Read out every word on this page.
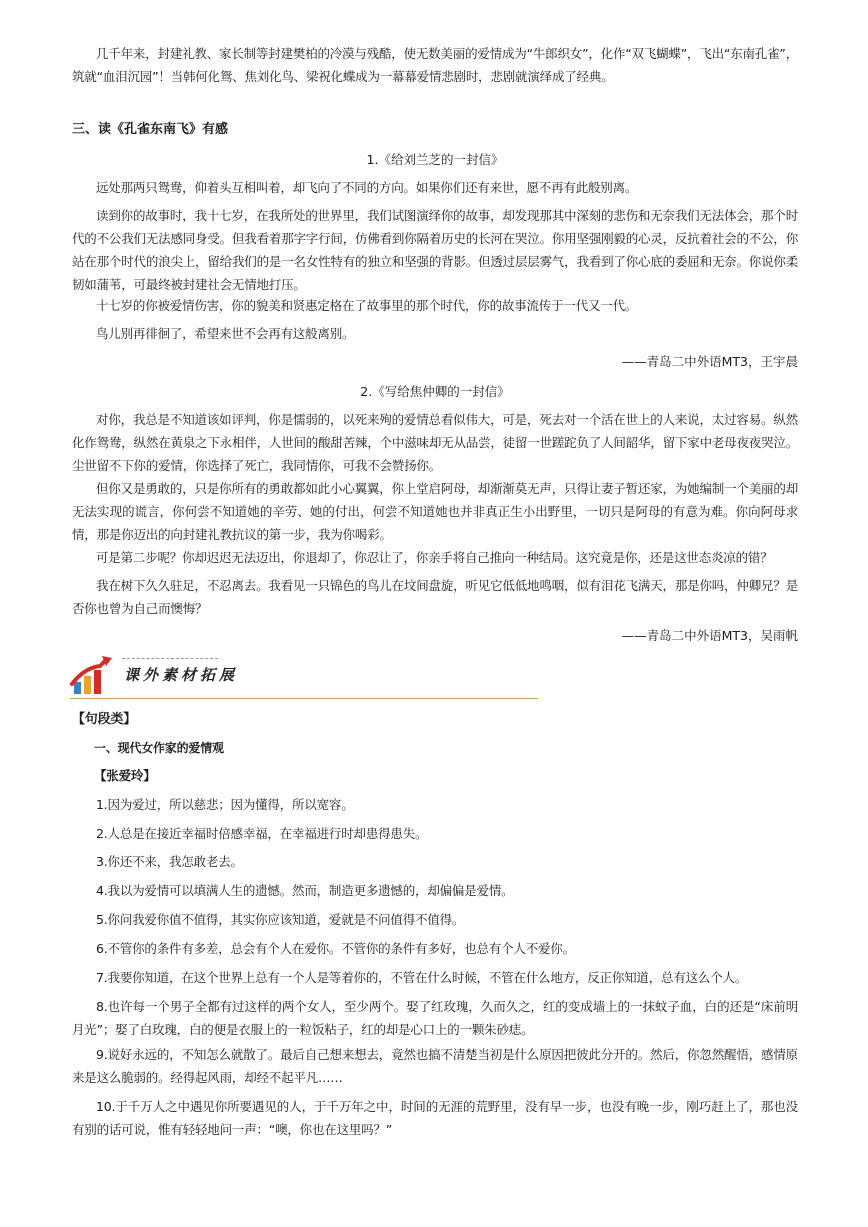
几千年来，封建礼教、家长制等封建樊柏的冷漠与残酷，使无数美丽的爱情成为“牛郎织女”，化作“双飞蝴蝶”，飞出“东南孔雀”，筑就“血泪沉园”！当韩何化鸳、焦刘化鸟、梁祝化蝶成为一幕幕爱情悲剧时，悲剧就演绎成了经典。

三、读《孔雀东南飞》有感
1.《给刘兰芝的一封信》

远处那两只鸳鸯，仰着头互相叫着，却飞向了不同的方向。如果你们还有来世，愿不再有此般别离。

读到你的故事时，我十七岁，在我所处的世界里，我们试图演绎你的故事，却发现那其中深刻的悲伤和无奈我们无法体会，那个时代的不公我们无法感同身受。但我看着那字字行间，仿佛看到你隔着历史的长河在哭泣。你用坚强刚毅的心灵，反抗着社会的不公，你站在那个时代的浪尖上，留给我们的是一名女性特有的独立和坚强的背影。但透过层层雾气，我看到了你心底的委屈和无奈。你说你柔韧如蒲苇，可最终被封建社会无情地打压。

十七岁的你被爱情伤害，你的貌美和贤惠定格在了故事里的那个时代，你的故事流传于一代又一代。

鸟儿别再徘徊了，希望来世不会再有这般离别。

——青岛二中外语MT3，王宇晨
2.《写给焦仲卿的一封信》

对你，我总是不知道该如评判，你是懦弱的，以死来殉的爱情总看似伟大，可是，死去对一个活在世上的人来说，太过容易。纵然化作鸳鸯，纵然在黄泉之下永相伴，人世间的酸甜苦辣，个中滋味却无从品尝，徒留一世蹉跎负了人间韶华，留下家中老母夜夜哭泣。尘世留不下你的爱情，你选择了死亡，我同情你，可我不会赞扬你。

但你又是勇敢的，只是你所有的勇敢都如此小心翼翼，你上堂启阿母，却渐渐莫无声，只得让妻子暂还家，为她编制一个美丽的却无法实现的谎言，你何尝不知道她的辛劳、她的付出，何尝不知道她也并非真正生小出野里，一切只是阿母的有意为难。你向阿母求情，那是你迈出的向封建礼教抗议的第一步，我为你喝彩。

可是第二步呢？你却迟迟无法迈出，你退却了，你忍让了，你亲手将自己推向一种结局。这究竟是你，还是这世态炎凉的错？

我在树下久久驻足，不忍离去。我看见一只锦色的鸟儿在坟间盘旋，听见它低低地鸣咽，似有泪花飞满天，那是你吗，仲卿兄？是否你也曾为自己而懊悔？

——青岛二中外语MT3，吴雨帆
课外素材拓展
【句段类】
一、现代女作家的爱情观
【张爱玲】
1.因为爱过，所以慈悲；因为懂得，所以宽容。
2.人总是在接近幸福时倍感幸福，在幸福进行时却患得患失。
3.你还不来，我怎敢老去。
4.我以为爱情可以填满人生的遗憾。然而，制造更多遗憾的，却偏偏是爱情。
5.你问我爱你值不值得，其实你应该知道，爱就是不问值得不值得。
6.不管你的条件有多差，总会有个人在爱你。不管你的条件有多好，也总有个人不爱你。
7.我要你知道，在这个世界上总有一个人是等着你的，不管在什么时候，不管在什么地方，反正你知道，总有这么个人。

8.也许每一个男子全都有过这样的两个女人，至少两个。娶了红玫瑰，久而久之，红的变成墙上的一抹蚊子血，白的还是“床前明月光”；娶了白玫瑰，白的便是衣服上的一粒饭粘子，红的却是心口上的一颗朱砂痣。

9.说好永远的，不知怎么就散了。最后自己想来想去，竟然也搞不清楚当初是什么原因把彼此分开的。然后，你忽然醒悟，感情原来是这么脆弱的。经得起风雨，却经不起平凡……

10.于千万人之中遇见你所要遇见的人，于千万年之中，时间的无涯的荒野里，没有早一步，也没有晚一步，刚巧赶上了，那也没有别的话可说，惟有轻轻地问一声：“噢，你也在这里吗？”
